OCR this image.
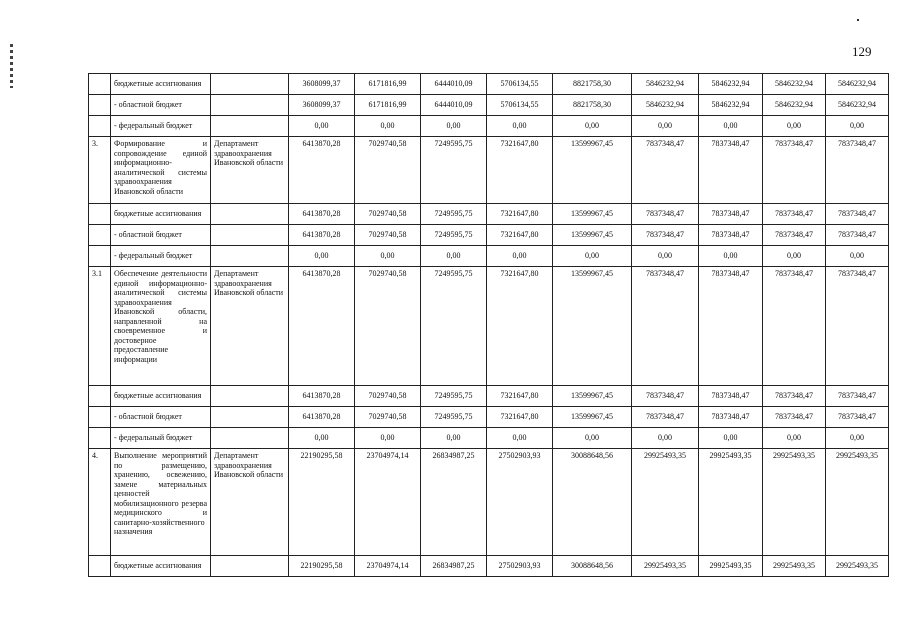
129
	бюджетные ассигнования		3608099,37	6171816,99	6444010,09	5706134,55	8821758,30	5846232,94	5846232,94	5846232,94	5846232,94
	- областной бюджет		3608099,37	6171816,99	6444010,09	5706134,55	8821758,30	5846232,94	5846232,94	5846232,94	5846232,94
	- федеральный бюджет		0,00	0,00	0,00	0,00	0,00	0,00	0,00	0,00	0,00
3.	Формирование и сопровождение единой информационно-аналитической системы здравоохранения Ивановской области	Департамент здравоохранения Ивановской области	6413870,28	7029740,58	7249595,75	7321647,80	13599967,45	7837348,47	7837348,47	7837348,47	7837348,47
	бюджетные ассигнования		6413870,28	7029740,58	7249595,75	7321647,80	13599967,45	7837348,47	7837348,47	7837348,47	7837348,47
	- областной бюджет		6413870,28	7029740,58	7249595,75	7321647,80	13599967,45	7837348,47	7837348,47	7837348,47	7837348,47
	- федеральный бюджет		0,00	0,00	0,00	0,00	0,00	0,00	0,00	0,00	0,00
3.1	Обеспечение деятельности единой информационно-аналитической системы здравоохранения Ивановской области, направленной на своевременное и достоверное предоставление информации	Департамент здравоохранения Ивановской области	6413870,28	7029740,58	7249595,75	7321647,80	13599967,45	7837348,47	7837348,47	7837348,47	7837348,47
	бюджетные ассигнования		6413870,28	7029740,58	7249595,75	7321647,80	13599967,45	7837348,47	7837348,47	7837348,47	7837348,47
	- областной бюджет		6413870,28	7029740,58	7249595,75	7321647,80	13599967,45	7837348,47	7837348,47	7837348,47	7837348,47
	- федеральный бюджет		0,00	0,00	0,00	0,00	0,00	0,00	0,00	0,00	0,00
4.	Выполнение мероприятий по размещению, хранению, освежению, замене материальных ценностей мобилизационного резерва медицинского и санитарно-хозяйственного назначения	Департамент здравоохранения Ивановской области	22190295,58	23704974,14	26834987,25	27502903,93	30088648,56	29925493,35	29925493,35	29925493,35	29925493,35
	бюджетные ассигнования		22190295,58	23704974,14	26834987,25	27502903,93	30088648,56	29925493,35	29925493,35	29925493,35	29925493,35
